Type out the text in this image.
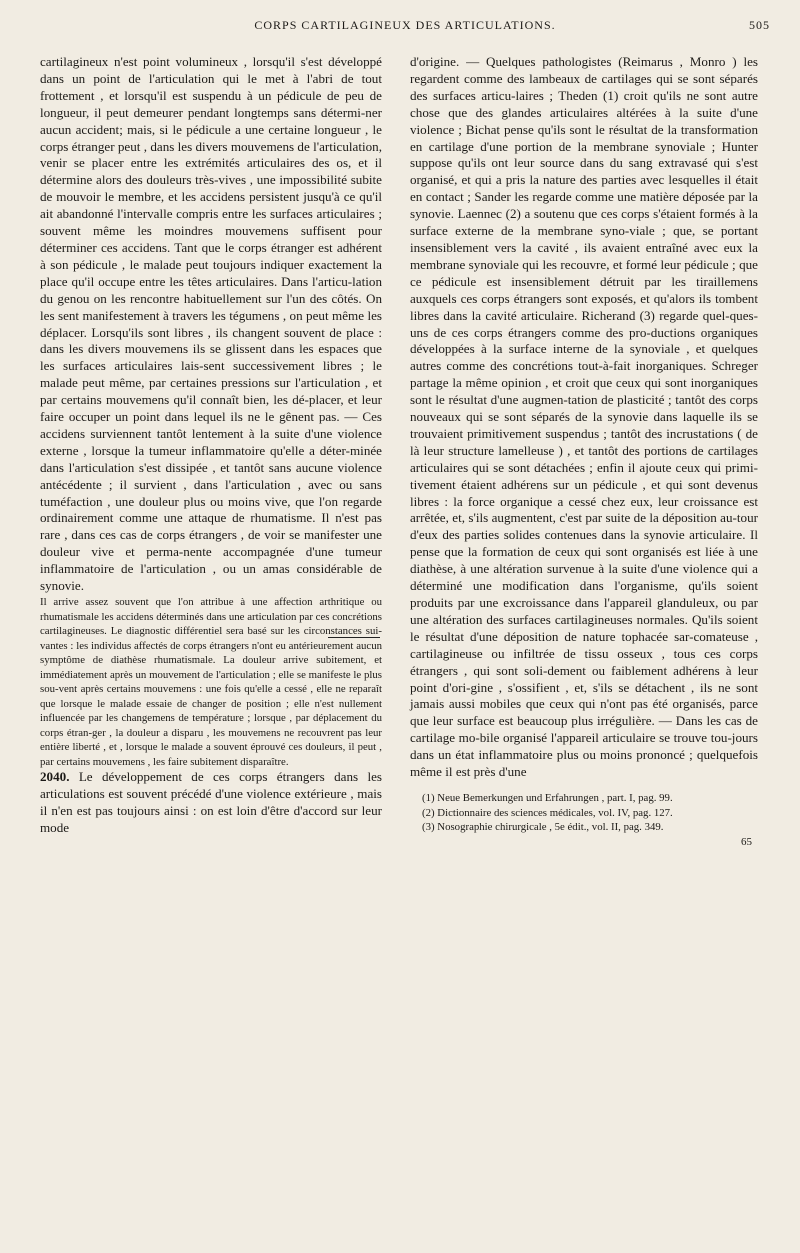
CORPS CARTILAGINEUX DES ARTICULATIONS.	505

cartilagineux n'est point volumineux , lorsqu'il s'est développé dans un point de l'articulation qui le met à l'abri de tout frottement , et lorsqu'il est suspendu à un pédicule de peu de longueur, il peut demeurer pendant longtemps sans détermi-ner aucun accident; mais, si le pédicule a une certaine longueur , le corps étranger peut , dans les divers mouvemens de l'articulation, venir se placer entre les extrémités articulaires des os, et il détermine alors des douleurs très-vives , une impossibilité subite de mouvoir le membre, et les accidens persistent jusqu'à ce qu'il ait abandonné l'intervalle compris entre les surfaces articulaires ; souvent même les moindres mouvemens suffisent pour déterminer ces accidens. Tant que le corps étranger est adhérent à son pédicule , le malade peut toujours indiquer exactement la place qu'il occupe entre les têtes articulaires. Dans l'articu-lation du genou on les rencontre habituellement sur l'un des côtés. On les sent manifestement à travers les tégumens , on peut même les déplacer. Lorsqu'ils sont libres , ils changent souvent de place : dans les divers mouvemens ils se glissent dans les espaces que les surfaces articulaires lais-sent successivement libres ; le malade peut même, par certaines pressions sur l'articulation , et par certains mouvemens qu'il connaît bien, les dé-placer, et leur faire occuper un point dans lequel ils ne le gênent pas. — Ces accidens surviennent tantôt lentement à la suite d'une violence externe , lorsque la tumeur inflammatoire qu'elle a déter-minée dans l'articulation s'est dissipée , et tantôt sans aucune violence antécédente ; il survient , dans l'articulation , avec ou sans tuméfaction , une douleur plus ou moins vive, que l'on regarde ordinairement comme une attaque de rhumatisme. Il n'est pas rare , dans ces cas de corps étrangers , de voir se manifester une douleur vive et perma-nente accompagnée d'une tumeur inflammatoire de l'articulation , ou un amas considérable de synovie.

Il arrive assez souvent que l'on attribue à une affection arthritique ou rhumatismale les accidens déterminés dans une articulation par ces concrétions cartilagineuses. Le diagnostic différentiel sera basé sur les circonstances sui-vantes : les individus affectés de corps étrangers n'ont eu antérieurement aucun symptôme de diathèse rhumatismale. La douleur arrive subitement, et immédiatement après un mouvement de l'articulation ; elle se manifeste le plus sou-vent après certains mouvemens : une fois qu'elle a cessé , elle ne reparaît que lorsque le malade essaie de changer de position ; elle n'est nullement influencée par les changemens de température ; lorsque , par déplacement du corps étran-ger , la douleur a disparu , les mouvemens ne recouvrent pas leur entière liberté , et , lorsque le malade a souvent éprouvé ces douleurs, il peut , par certains mouvemens , les faire subitement disparaître.

2040. Le développement de ces corps étrangers dans les articulations est souvent précédé d'une violence extérieure , mais il n'en est pas toujours ainsi : on est loin d'être d'accord sur leur mode

d'origine. — Quelques pathologistes (Reimarus , Monro ) les regardent comme des lambeaux de cartilages qui se sont séparés des surfaces articu-laires ; Theden (1) croit qu'ils ne sont autre chose que des glandes articulaires altérées à la suite d'une violence ; Bichat pense qu'ils sont le résultat de la transformation en cartilage d'une portion de la membrane synoviale ; Hunter suppose qu'ils ont leur source dans du sang extravasé qui s'est organisé, et qui a pris la nature des parties avec lesquelles il était en contact ; Sander les regarde comme une matière déposée par la synovie. Laennec (2) a soutenu que ces corps s'étaient formés à la surface externe de la membrane syno-viale ; que, se portant insensiblement vers la cavité , ils avaient entraîné avec eux la membrane synoviale qui les recouvre, et formé leur pédicule ; que ce pédicule est insensiblement détruit par les tiraillemens auxquels ces corps étrangers sont exposés, et qu'alors ils tombent libres dans la cavité articulaire. Richerand (3) regarde quel-ques-uns de ces corps étrangers comme des pro-ductions organiques développées à la surface interne de la synoviale , et quelques autres comme des concrétions tout-à-fait inorganiques. Schreger partage la même opinion , et croit que ceux qui sont inorganiques sont le résultat d'une augmen-tation de plasticité ; tantôt des corps nouveaux qui se sont séparés de la synovie dans laquelle ils se trouvaient primitivement suspendus ; tantôt des incrustations ( de là leur structure lamelleuse ) , et tantôt des portions de cartilages articulaires qui se sont détachées ; enfin il ajoute ceux qui primi-tivement étaient adhérens sur un pédicule , et qui sont devenus libres : la force organique a cessé chez eux, leur croissance est arrêtée, et, s'ils augmentent, c'est par suite de la déposition au-tour d'eux des parties solides contenues dans la synovie articulaire. Il pense que la formation de ceux qui sont organisés est liée à une diathèse, à une altération survenue à la suite d'une violence qui a déterminé une modification dans l'organisme, qu'ils soient produits par une excroissance dans l'appareil glanduleux, ou par une altération des surfaces cartilagineuses normales. Qu'ils soient le résultat d'une déposition de nature tophacée sar-comateuse , cartilagineuse ou infiltrée de tissu osseux , tous ces corps étrangers , qui sont soli-dement ou faiblement adhérens à leur point d'ori-gine , s'ossifient , et, s'ils se détachent , ils ne sont jamais aussi mobiles que ceux qui n'ont pas été organisés, parce que leur surface est beaucoup plus irrégulière. — Dans les cas de cartilage mo-bile organisé l'appareil articulaire se trouve tou-jours dans un état inflammatoire plus ou moins prononcé ; quelquefois même il est près d'une

(1) Neue Bemerkungen und Erfahrungen , part. I, pag. 99.
(2) Dictionnaire des sciences médicales, vol. IV, pag. 127.
(3) Nosographie chirurgicale , 5e édit., vol. II, pag. 349.
65
